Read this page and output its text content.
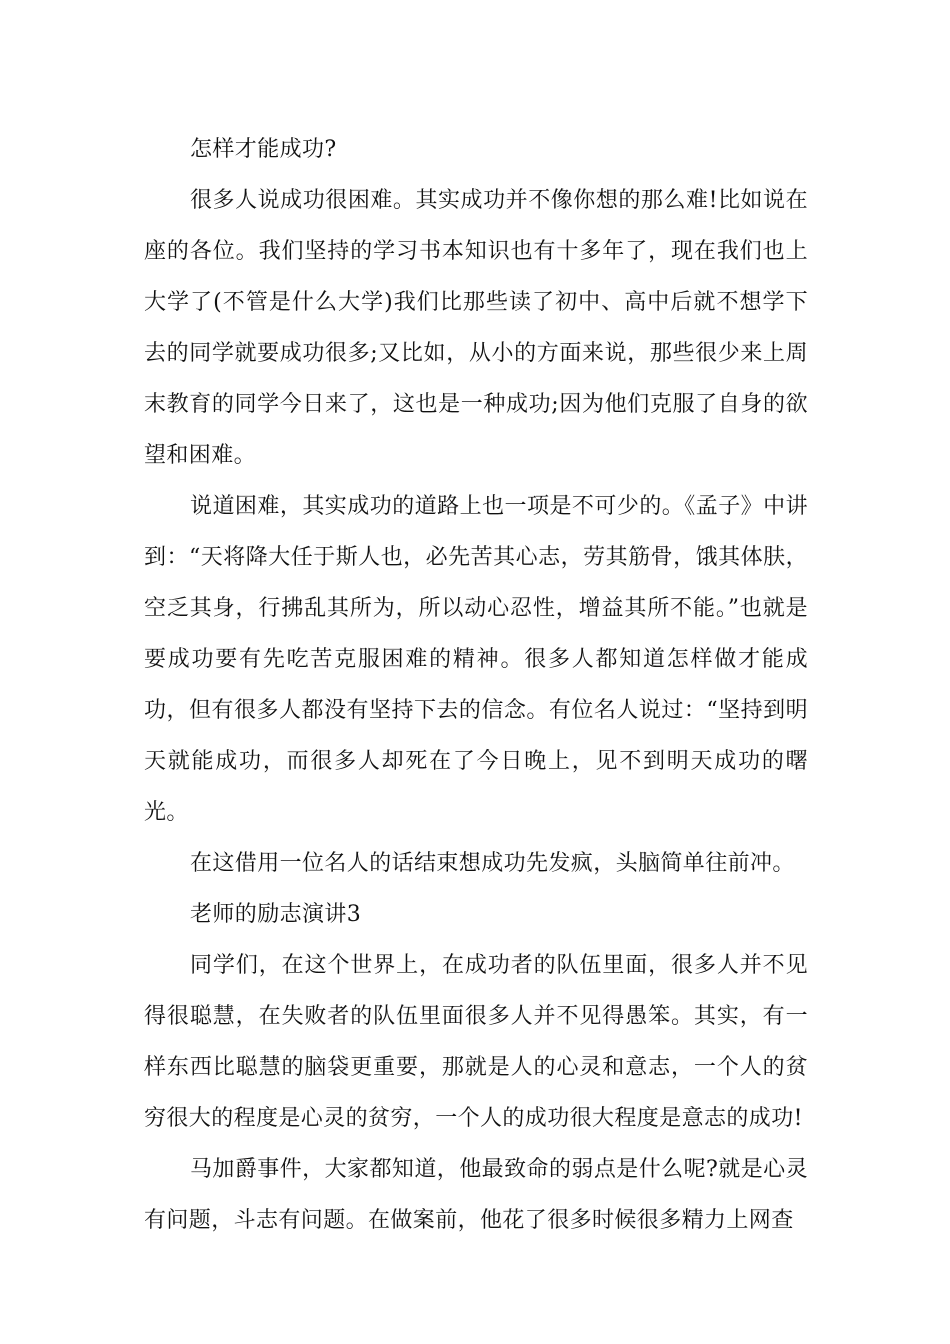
怎样才能成功?

很多人说成功很困难。其实成功并不像你想的那么难!比如说在座的各位。我们坚持的学习书本知识也有十多年了，现在我们也上大学了(不管是什么大学)我们比那些读了初中、高中后就不想学下去的同学就要成功很多;又比如，从小的方面来说，那些很少来上周末教育的同学今日来了，这也是一种成功;因为他们克服了自身的欲望和困难。

说道困难，其实成功的道路上也一项是不可少的。《孟子》中讲到：“天将降大任于斯人也，必先苦其心志，劳其筋骨，饿其体肤，空乏其身，行拂乱其所为，所以动心忍性，增益其所不能。”也就是要成功要有先吃苦克服困难的精神。很多人都知道怎样做才能成功，但有很多人都没有坚持下去的信念。有位名人说过：“坚持到明天就能成功，而很多人却死在了今日晚上，见不到明天成功的曙光。

在这借用一位名人的话结束想成功先发疯，头脑简单往前冲。

老师的励志演讲3

同学们，在这个世界上，在成功者的队伍里面，很多人并不见得很聪慧，在失败者的队伍里面很多人并不见得愚笨。其实，有一样东西比聪慧的脑袋更重要，那就是人的心灵和意志，一个人的贫穷很大的程度是心灵的贫穷，一个人的成功很大程度是意志的成功!

马加爵事件，大家都知道，他最致命的弱点是什么呢?就是心灵有问题，斗志有问题。在做案前，他花了很多时候很多精力上网查
